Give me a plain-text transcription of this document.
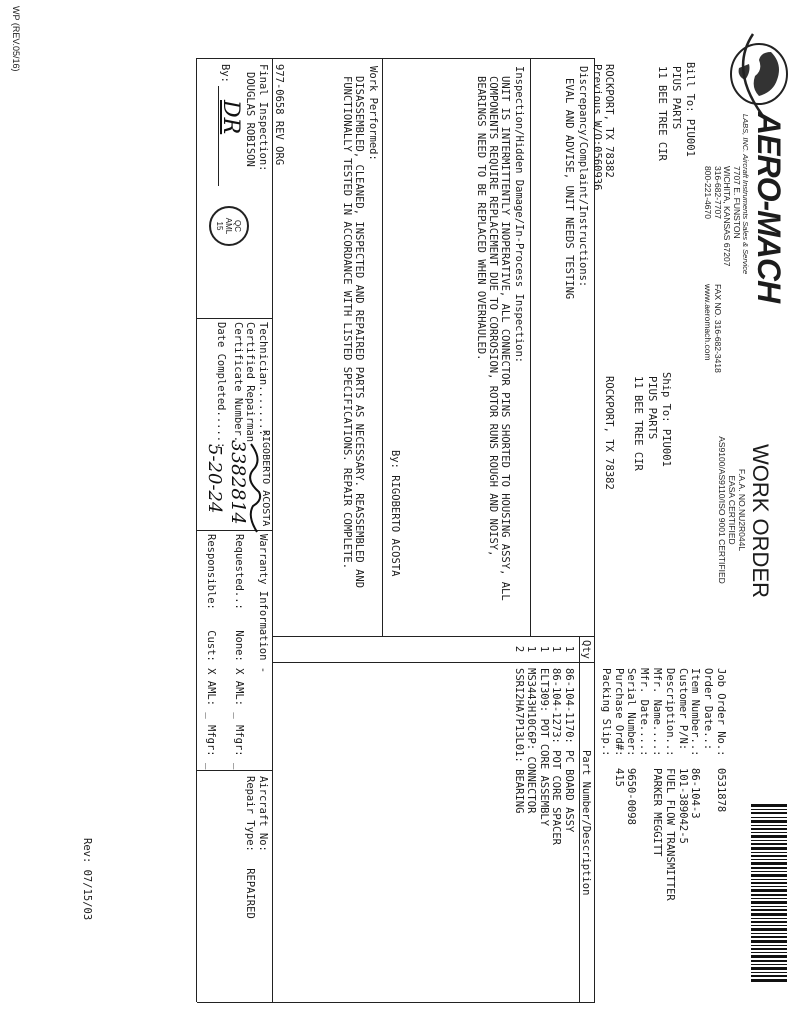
AERO-MACH
LABS, INC. Aircraft Instruments Sales & Service
7707 E. FUNSTON
WICHITA, KANSAS 67207
316-682-7707
800-221-4670
FAX NO. 316-682-3418
www.aeromach.com
WORK ORDER
F.A.A. NO.NU2R044L
EASA CERTIFIED
AS9100/AS9110/ISO 9001 CERTIFIED
Bill To: PIU001
PIUS PARTS
11 BEE TREE CIR
Ship To: PIU001
PIUS PARTS
11 BEE TREE CIR
Job Order No.:
Order Date..:
Item Number..:
Customer P/N:
Description..:
Mfr. Name....:
Mfr. Date....:
Serial Number:
Purchase Ord#:
Packing Slip.:
0531878
86-104-3
101-389042-5
FUEL FLOW TRANSMITTER
PARKER MEGGITT
9650-0098
415
ROCKPORT, TX 78382
Previous W/O:0560936
ROCKPORT, TX 78382
Discrepancy/Complaint/Instructions:
EVAL AND ADVISE, UNIT NEEDS TESTING
Inspection/Hidden Damage/In-Process Inspection:
UNIT IS INTERMITTENTLY INOPERATIVE, ALL CONNECTOR PINS SHORTED TO HOUSING ASSY, ALL
COMPONENTS REQUIRE REPLACEMENT DUE TO CORROSION, ROTOR RUNS ROUGH AND NOISY,
BEARINGS NEED TO BE REPLACED WHEN OVERHAULED.
By: RIGOBERTO ACOSTA
Work Performed:
DISASSEMBLED, CLEANED, INSPECTED AND REPAIRED PARTS AS NECESSARY. REASSEMBLED AND
FUNCTIONALLY TESTED IN ACCORDANCE WITH LISTED SPECIFICATIONS. REPAIR COMPLETE.
Qty
Part Number/Description
1
1
1
1
2
86-104-1170: PC BOARD ASSY
86-104-1273: POT CORE SPACER
ELT309: POT CORE ASSEMBLY
MS3443H10C6P: CONNECTOR
SSRI2HA7P13L01: BEARING
977-0658 REV ORG
Final Inspection:
DOUGLAS ROBISON
By:
DR
QC
AML
15
Technician.......:
Certified Repairman
Certificate Number.:
Date Completed.....:
RIGOBERTO ACOSTA
3382814
5-20-24
Warranty Information -
Requested..: None: X AML: _ Mfgr: _
Responsible: Cust: X AML: _ Mfgr: _
Aircraft No:
Repair Type: REPAIRED
Rev: 07/15/03
WP (REV.05/16)
